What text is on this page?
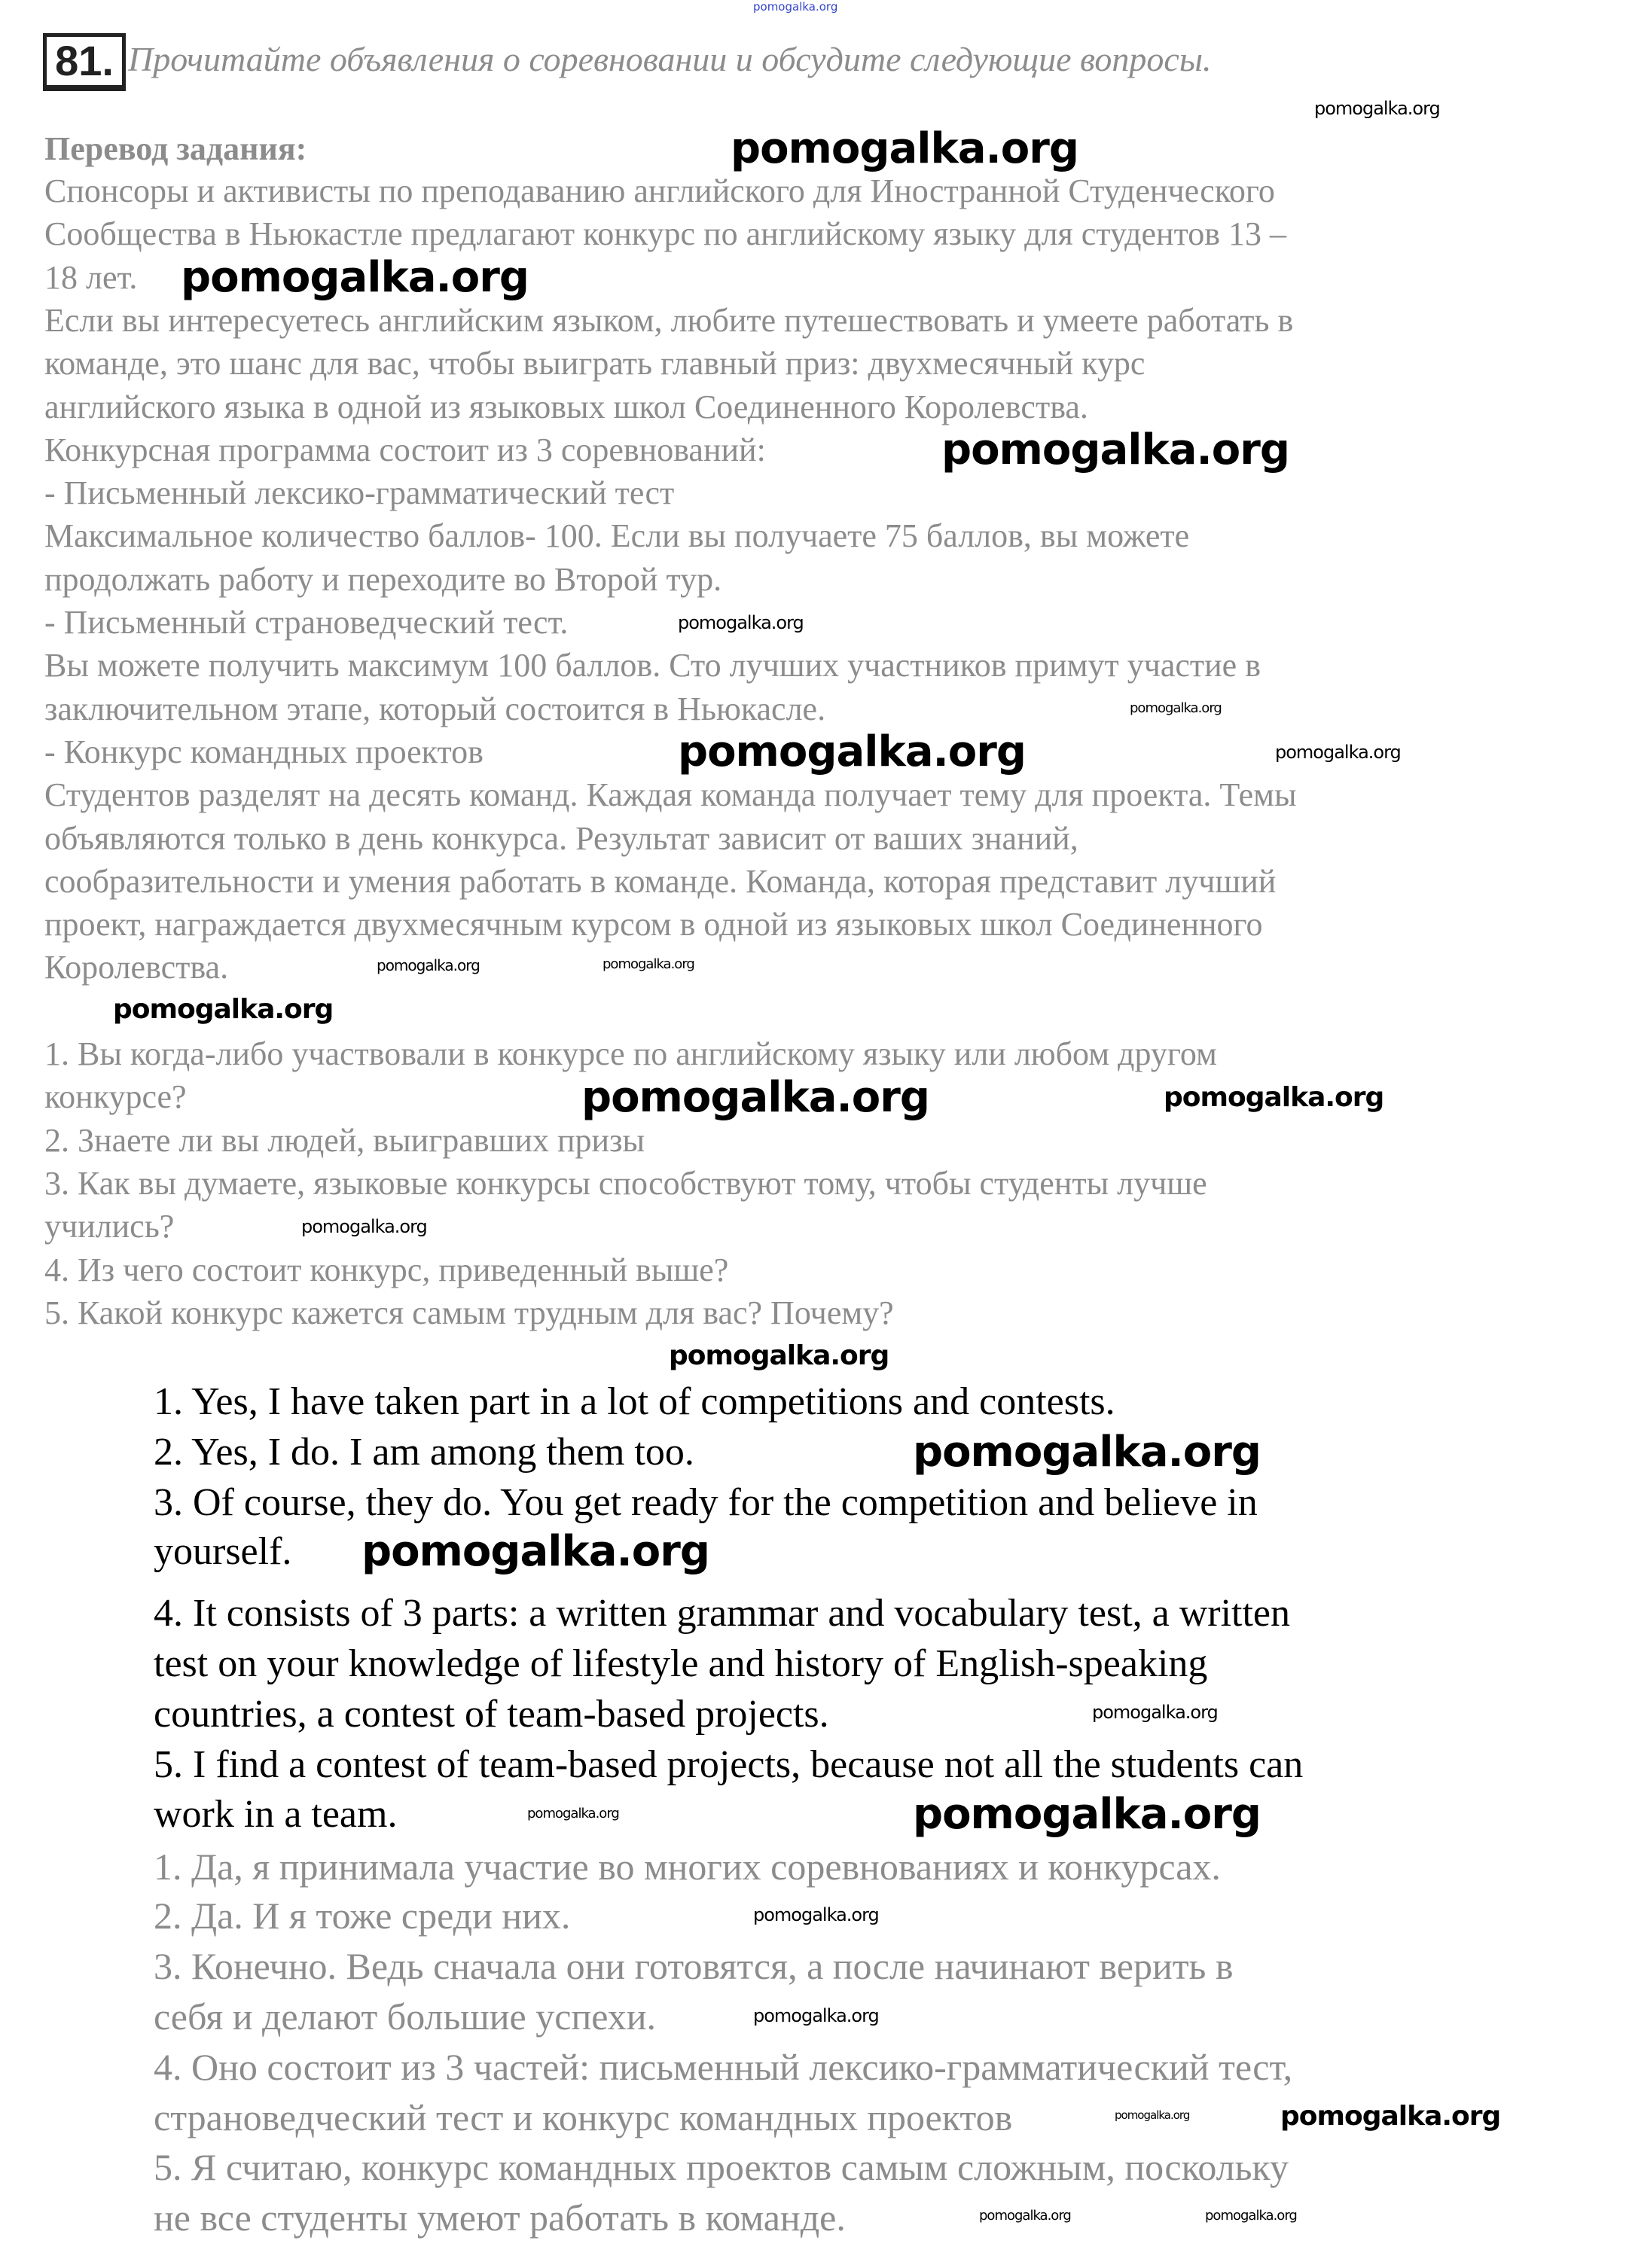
pomogalka.org
81. Прочитайте объявления о соревновании и обсудите следующие вопросы.
Перевод задания:
Спонсоры и активисты по преподаванию английского для Иностранной Студенческого
Сообщества в Ньюкастле предлагают конкурс по английскому языку для студентов 13 –
18 лет.
Если вы интересуетесь английским языком, любите путешествовать и умеете работать в
команде, это шанс для вас, чтобы выиграть главный приз: двухмесячный курс
английского языка в одной из языковых школ Соединенного Королевства.
Конкурсная программа состоит из 3 соревнований:
- Письменный лексико-грамматический тест
Максимальное количество баллов- 100. Если вы получаете 75 баллов, вы можете
продолжать работу и переходите во Второй тур.
- Письменный страноведческий тест.
Вы можете получить максимум 100 баллов. Сто лучших участников примут участие в
заключительном этапе, который состоится в Ньюкасле.
- Конкурс командных проектов
Студентов разделят на десять команд. Каждая команда получает тему для проекта. Темы
объявляются только в день конкурса. Результат зависит от ваших знаний,
сообразительности и умения работать в команде. Команда, которая представит лучший
проект, награждается двухмесячным курсом в одной из языковых школ Соединенного
Королевства.
1. Вы когда-либо участвовали в конкурсе по английскому языку или любом другом
конкурсе?
2. Знаете ли вы людей, выигравших призы
3. Как вы думаете, языковые конкурсы способствуют тому, чтобы студенты лучше
учились?
4. Из чего состоит конкурс, приведенный выше?
5. Какой конкурс кажется самым трудным для вас? Почему?
1. Yes, I have taken part in a lot of competitions and contests.
2. Yes, I do. I am among them too.
3. Of course, they do. You get ready for the competition and believe in
yourself.
4. It consists of 3 parts: a written grammar and vocabulary test, a written
test on your knowledge of lifestyle and history of English-speaking
countries, a contest of team-based projects.
5. I find a contest of team-based projects, because not all the students can
work in a team.
1. Да, я принимала участие во многих соревнованиях и конкурсах.
2. Да. И я тоже среди них.
3. Конечно. Ведь сначала они готовятся, а после начинают верить в
себя и делают большие успехи.
4. Оно состоит из 3 частей: письменный лексико-грамматический тест,
страноведческий тест и конкурс командных проектов
5. Я считаю, конкурс командных проектов самым сложным, поскольку
не все студенты умеют работать в команде.
pomogalka.org
pomogalka.org
pomogalka.org
pomogalka.org
pomogalka.org
pomogalka.org
pomogalka.org
pomogalka.org	pomogalka.org
pomogalka.org
pomogalka.org
pomogalka.org
pomogalka.org
pomogalka.org
pomogalka.org
pomogalka.org
pomogalka.org
pomogalka.org
pomogalka.org
pomogalka.org
pomogalka.org
pomogalka.org
pomogalka.org	pomogalka.org
pomogalka.org	pomogalka.org
